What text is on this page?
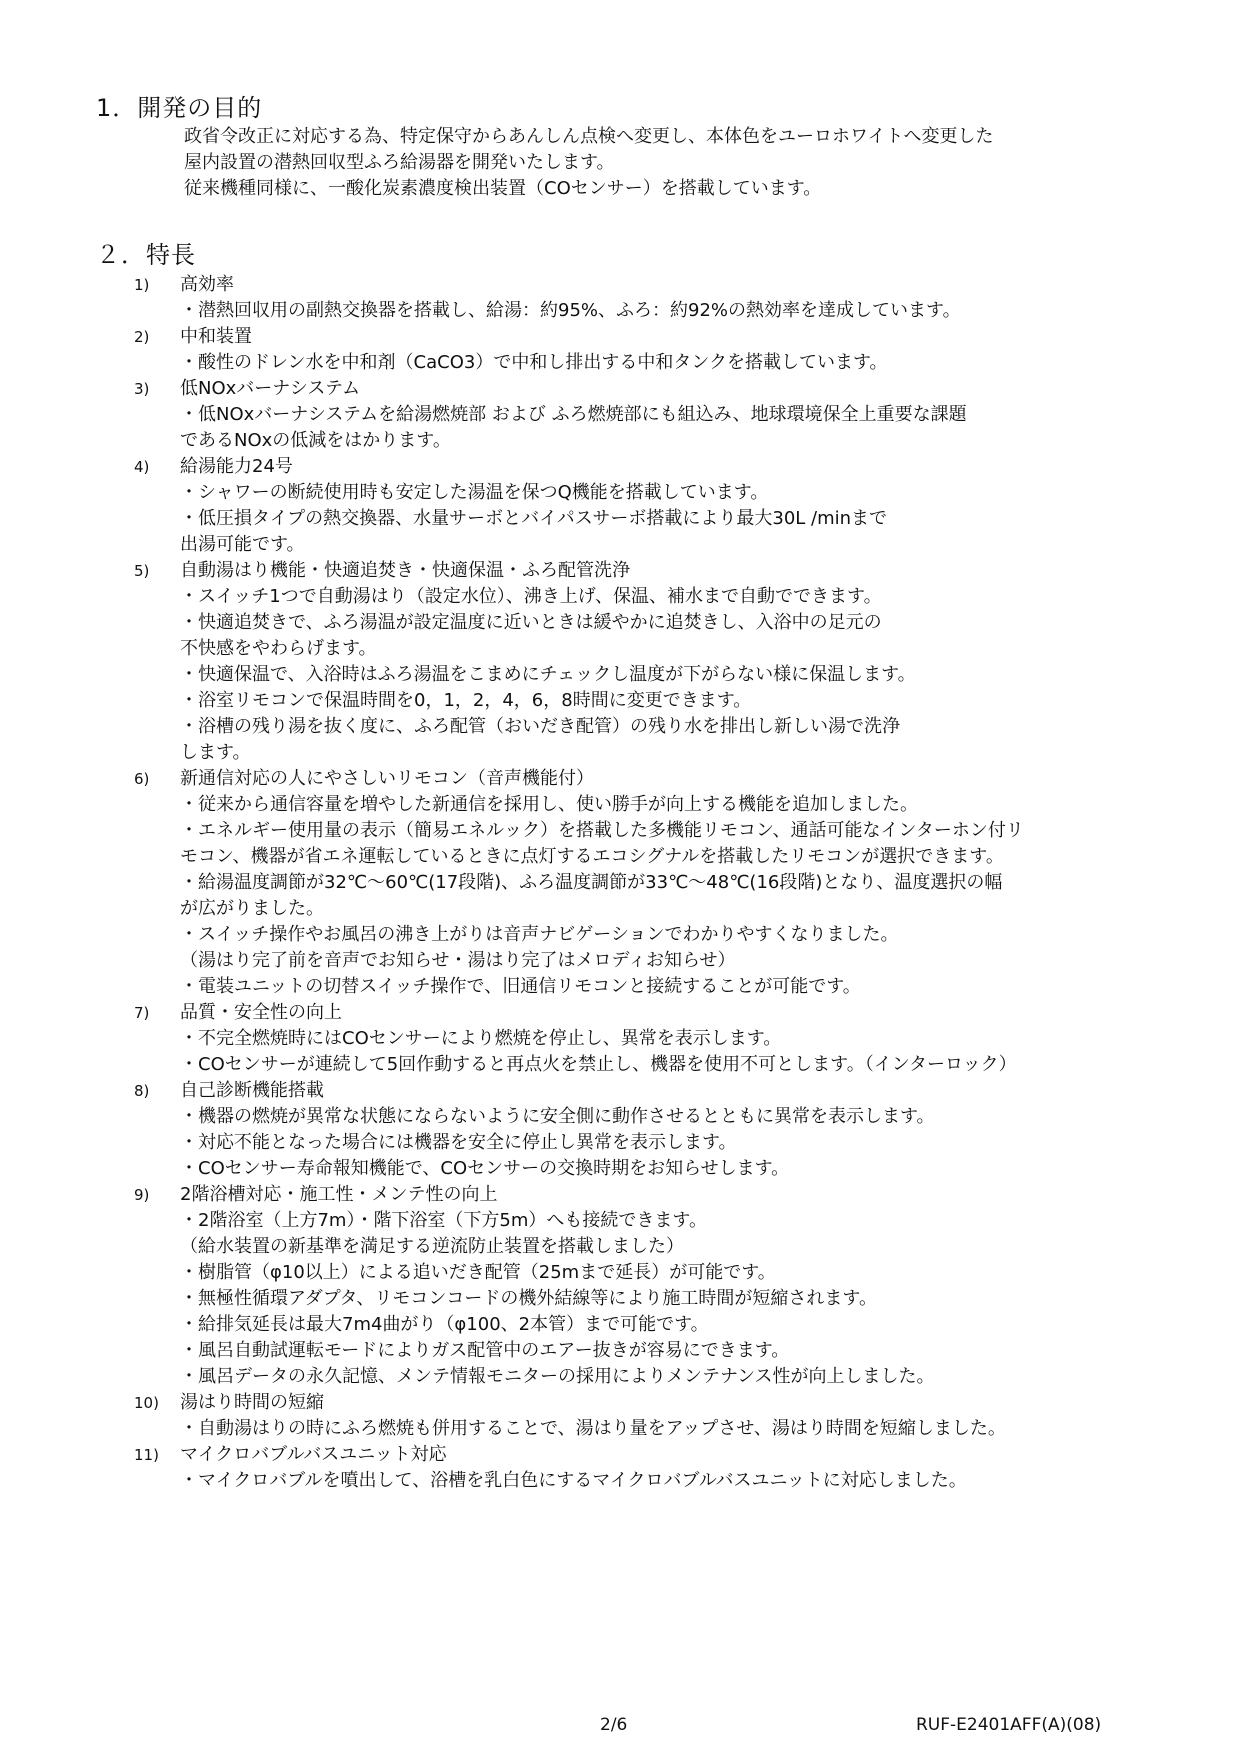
1．開発の目的
政省令改正に対応する為、特定保守からあんしん点検へ変更し、本体色をユーロホワイトへ変更した
屋内設置の潜熱回収型ふろ給湯器を開発いたします。
従来機種同様に、一酸化炭素濃度検出装置（COセンサー）を搭載しています。
２．特長
1) 高効率
・潜熱回収用の副熱交換器を搭載し、給湯：約95%、ふろ：約92%の熱効率を達成しています。
2) 中和装置
・酸性のドレン水を中和剤（CaCO3）で中和し排出する中和タンクを搭載しています。
3) 低NOxバーナシステム
・低NOxバーナシステムを給湯燃焼部 および ふろ燃焼部にも組込み、地球環境保全上重要な課題
であるNOxの低減をはかります。
4) 給湯能力24号
・シャワーの断続使用時も安定した湯温を保つQ機能を搭載しています。
・低圧損タイプの熱交換器、水量サーボとバイパスサーボ搭載により最大30L /minまで
出湯可能です。
5) 自動湯はり機能・快適追焚き・快適保温・ふろ配管洗浄
・スイッチ1つで自動湯はり（設定水位）、沸き上げ、保温、補水まで自動でできます。
・快適追焚きで、ふろ湯温が設定温度に近いときは緩やかに追焚きし、入浴中の足元の
不快感をやわらげます。
・快適保温で、入浴時はふろ湯温をこまめにチェックし温度が下がらない様に保温します。
・浴室リモコンで保温時間を0，1，2，4，6，8時間に変更できます。
・浴槽の残り湯を抜く度に、ふろ配管（おいだき配管）の残り水を排出し新しい湯で洗浄
します。
6) 新通信対応の人にやさしいリモコン（音声機能付）
・従来から通信容量を増やした新通信を採用し、使い勝手が向上する機能を追加しました。
・エネルギー使用量の表示（簡易エネルック）を搭載した多機能リモコン、通話可能なインターホン付リ
モコン、機器が省エネ運転しているときに点灯するエコシグナルを搭載したリモコンが選択できます。
・給湯温度調節が32℃～60℃(17段階)、ふろ温度調節が33℃～48℃(16段階)となり、温度選択の幅
が広がりました。
・スイッチ操作やお風呂の沸き上がりは音声ナビゲーションでわかりやすくなりました。
（湯はり完了前を音声でお知らせ・湯はり完了はメロディお知らせ）
・電装ユニットの切替スイッチ操作で、旧通信リモコンと接続することが可能です。
7) 品質・安全性の向上
・不完全燃焼時にはCOセンサーにより燃焼を停止し、異常を表示します。
・COセンサーが連続して5回作動すると再点火を禁止し、機器を使用不可とします。（インターロック）
8) 自己診断機能搭載
・機器の燃焼が異常な状態にならないように安全側に動作させるとともに異常を表示します。
・対応不能となった場合には機器を安全に停止し異常を表示します。
・COセンサー寿命報知機能で、COセンサーの交換時期をお知らせします。
9) 2階浴槽対応・施工性・メンテ性の向上
・2階浴室（上方7m）・階下浴室（下方5m）へも接続できます。
（給水装置の新基準を満足する逆流防止装置を搭載しました）
・樹脂管（φ10以上）による追いだき配管（25mまで延長）が可能です。
・無極性循環アダプタ、リモコンコードの機外結線等により施工時間が短縮されます。
・給排気延長は最大7m4曲がり（φ100、2本管）まで可能です。
・風呂自動試運転モードによりガス配管中のエアー抜きが容易にできます。
・風呂データの永久記憶、メンテ情報モニターの採用によりメンテナンス性が向上しました。
10) 湯はり時間の短縮
・自動湯はりの時にふろ燃焼も併用することで、湯はり量をアップさせ、湯はり時間を短縮しました。
11) マイクロバブルバスユニット対応
・マイクロバブルを噴出して、浴槽を乳白色にするマイクロバブルバスユニットに対応しました。
2/6	RUF-E2401AFF(A)(08)
